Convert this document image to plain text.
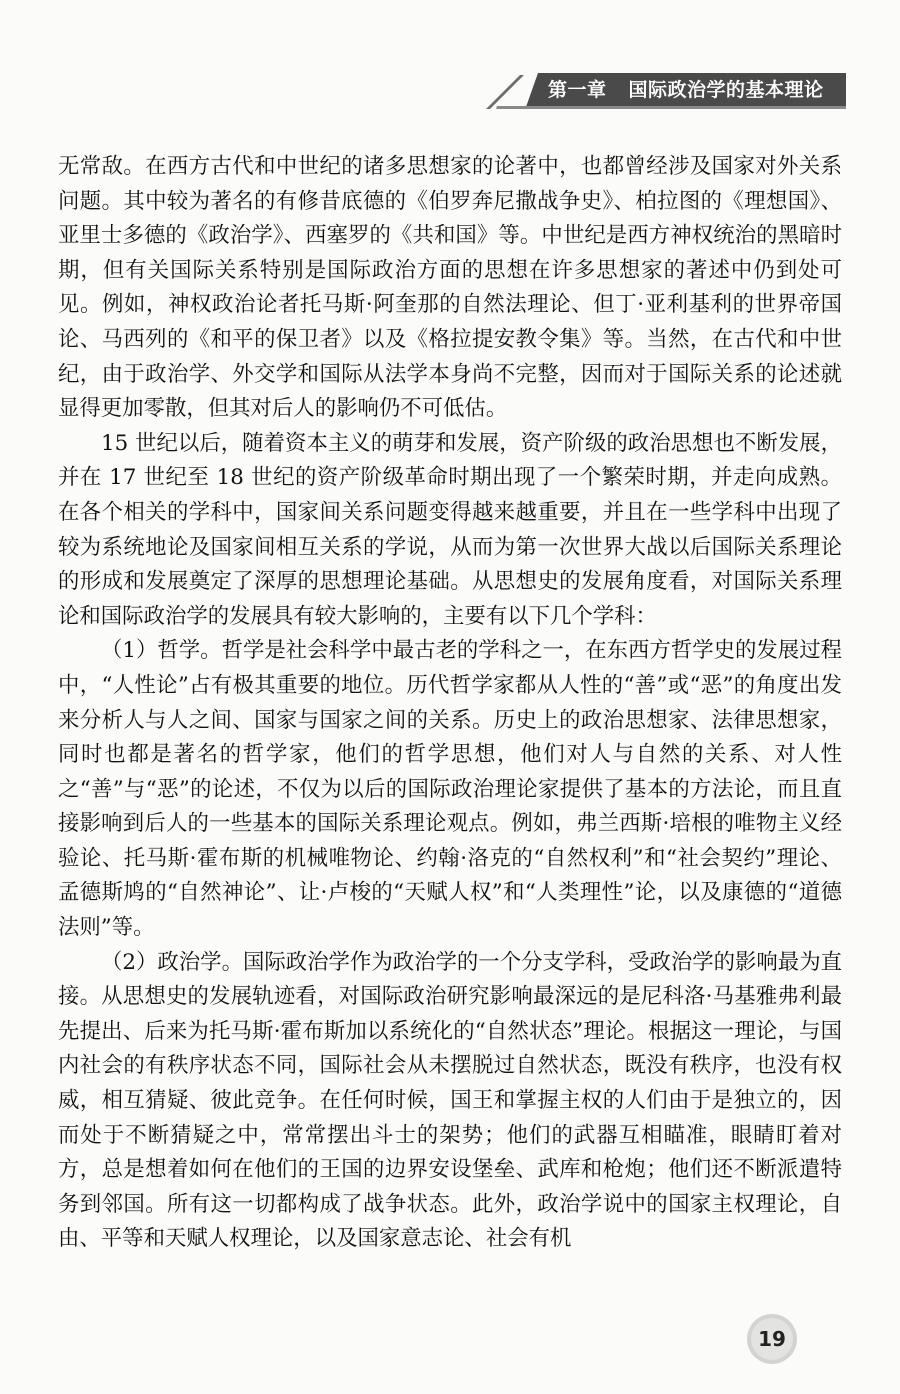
第一章 国际政治学的基本理论

无常敌。在西方古代和中世纪的诸多思想家的论著中，也都曾经涉及国家对外关系问题。其中较为著名的有修昔底德的《伯罗奔尼撒战争史》、柏拉图的《理想国》、亚里士多德的《政治学》、西塞罗的《共和国》等。中世纪是西方神权统治的黑暗时期，但有关国际关系特别是国际政治方面的思想在许多思想家的著述中仍到处可见。例如，神权政治论者托马斯·阿奎那的自然法理论、但丁·亚利基利的世界帝国论、马西列的《和平的保卫者》以及《格拉提安教令集》等。当然，在古代和中世纪，由于政治学、外交学和国际从法学本身尚不完整，因而对于国际关系的论述就显得更加零散，但其对后人的影响仍不可低估。

15 世纪以后，随着资本主义的萌芽和发展，资产阶级的政治思想也不断发展，并在 17 世纪至 18 世纪的资产阶级革命时期出现了一个繁荣时期，并走向成熟。在各个相关的学科中，国家间关系问题变得越来越重要，并且在一些学科中出现了较为系统地论及国家间相互关系的学说，从而为第一次世界大战以后国际关系理论的形成和发展奠定了深厚的思想理论基础。从思想史的发展角度看，对国际关系理论和国际政治学的发展具有较大影响的，主要有以下几个学科：

（1）哲学。哲学是社会科学中最古老的学科之一，在东西方哲学史的发展过程中，“人性论”占有极其重要的地位。历代哲学家都从人性的“善”或“恶”的角度出发来分析人与人之间、国家与国家之间的关系。历史上的政治思想家、法律思想家，同时也都是著名的哲学家，他们的哲学思想，他们对人与自然的关系、对人性之“善”与“恶”的论述，不仅为以后的国际政治理论家提供了基本的方法论，而且直接影响到后人的一些基本的国际关系理论观点。例如，弗兰西斯·培根的唯物主义经验论、托马斯·霍布斯的机械唯物论、约翰·洛克的“自然权利”和“社会契约”理论、孟德斯鸠的“自然神论”、让·卢梭的“天赋人权”和“人类理性”论，以及康德的“道德法则”等。

（2）政治学。国际政治学作为政治学的一个分支学科，受政治学的影响最为直接。从思想史的发展轨迹看，对国际政治研究影响最深远的是尼科洛·马基雅弗利最先提出、后来为托马斯·霍布斯加以系统化的“自然状态”理论。根据这一理论，与国内社会的有秩序状态不同，国际社会从未摆脱过自然状态，既没有秩序，也没有权威，相互猜疑、彼此竞争。在任何时候，国王和掌握主权的人们由于是独立的，因而处于不断猜疑之中，常常摆出斗士的架势；他们的武器互相瞄准，眼睛盯着对方，总是想着如何在他们的王国的边界安设堡垒、武库和枪炮；他们还不断派遣特务到邻国。所有这一切都构成了战争状态。此外，政治学说中的国家主权理论，自由、平等和天赋人权理论，以及国家意志论、社会有机

19
